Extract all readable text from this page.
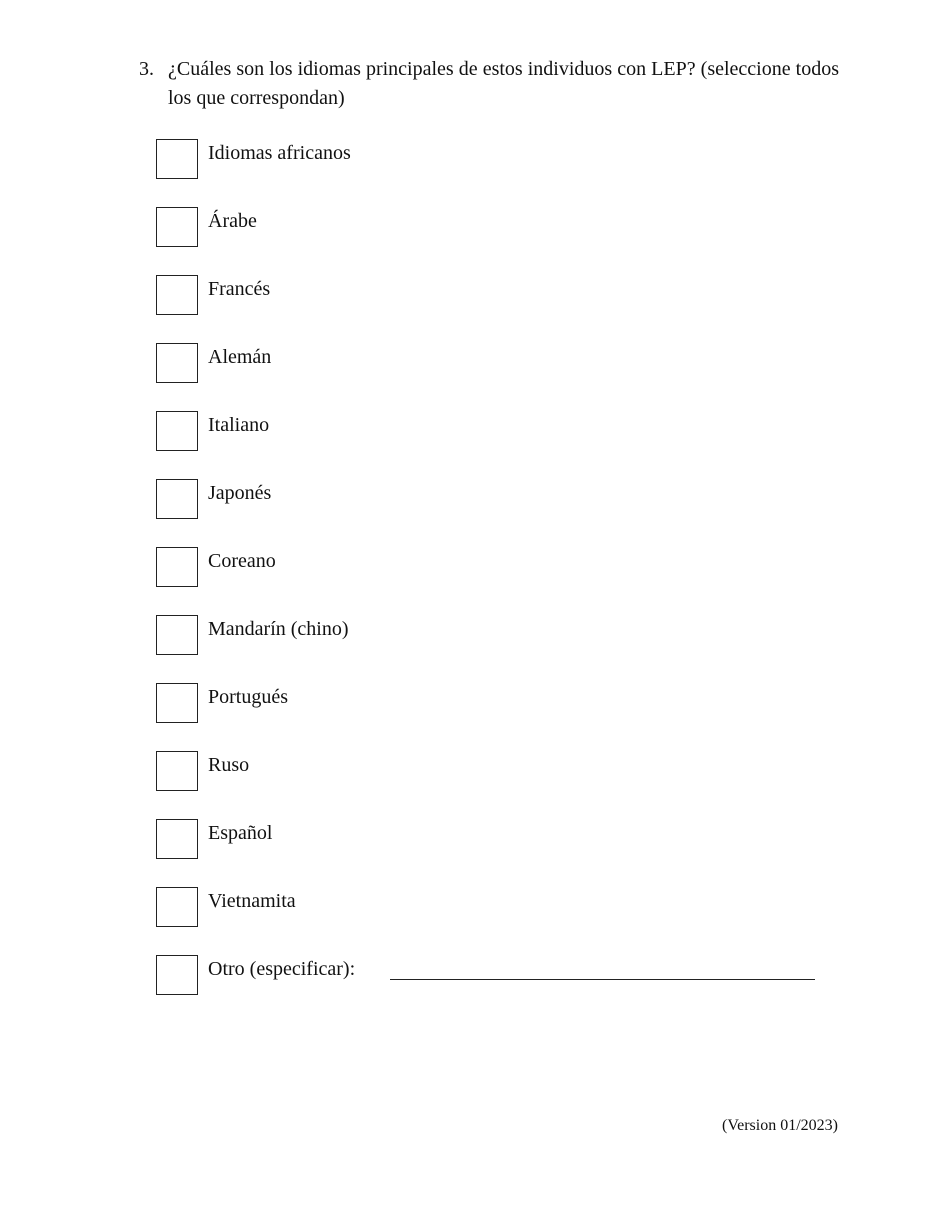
3. ¿Cuáles son los idiomas principales de estos individuos con LEP? (seleccione todos los que correspondan)
Idiomas africanos
Árabe
Francés
Alemán
Italiano
Japonés
Coreano
Mandarín (chino)
Portugués
Ruso
Español
Vietnamita
Otro (especificar):
(Version 01/2023)
